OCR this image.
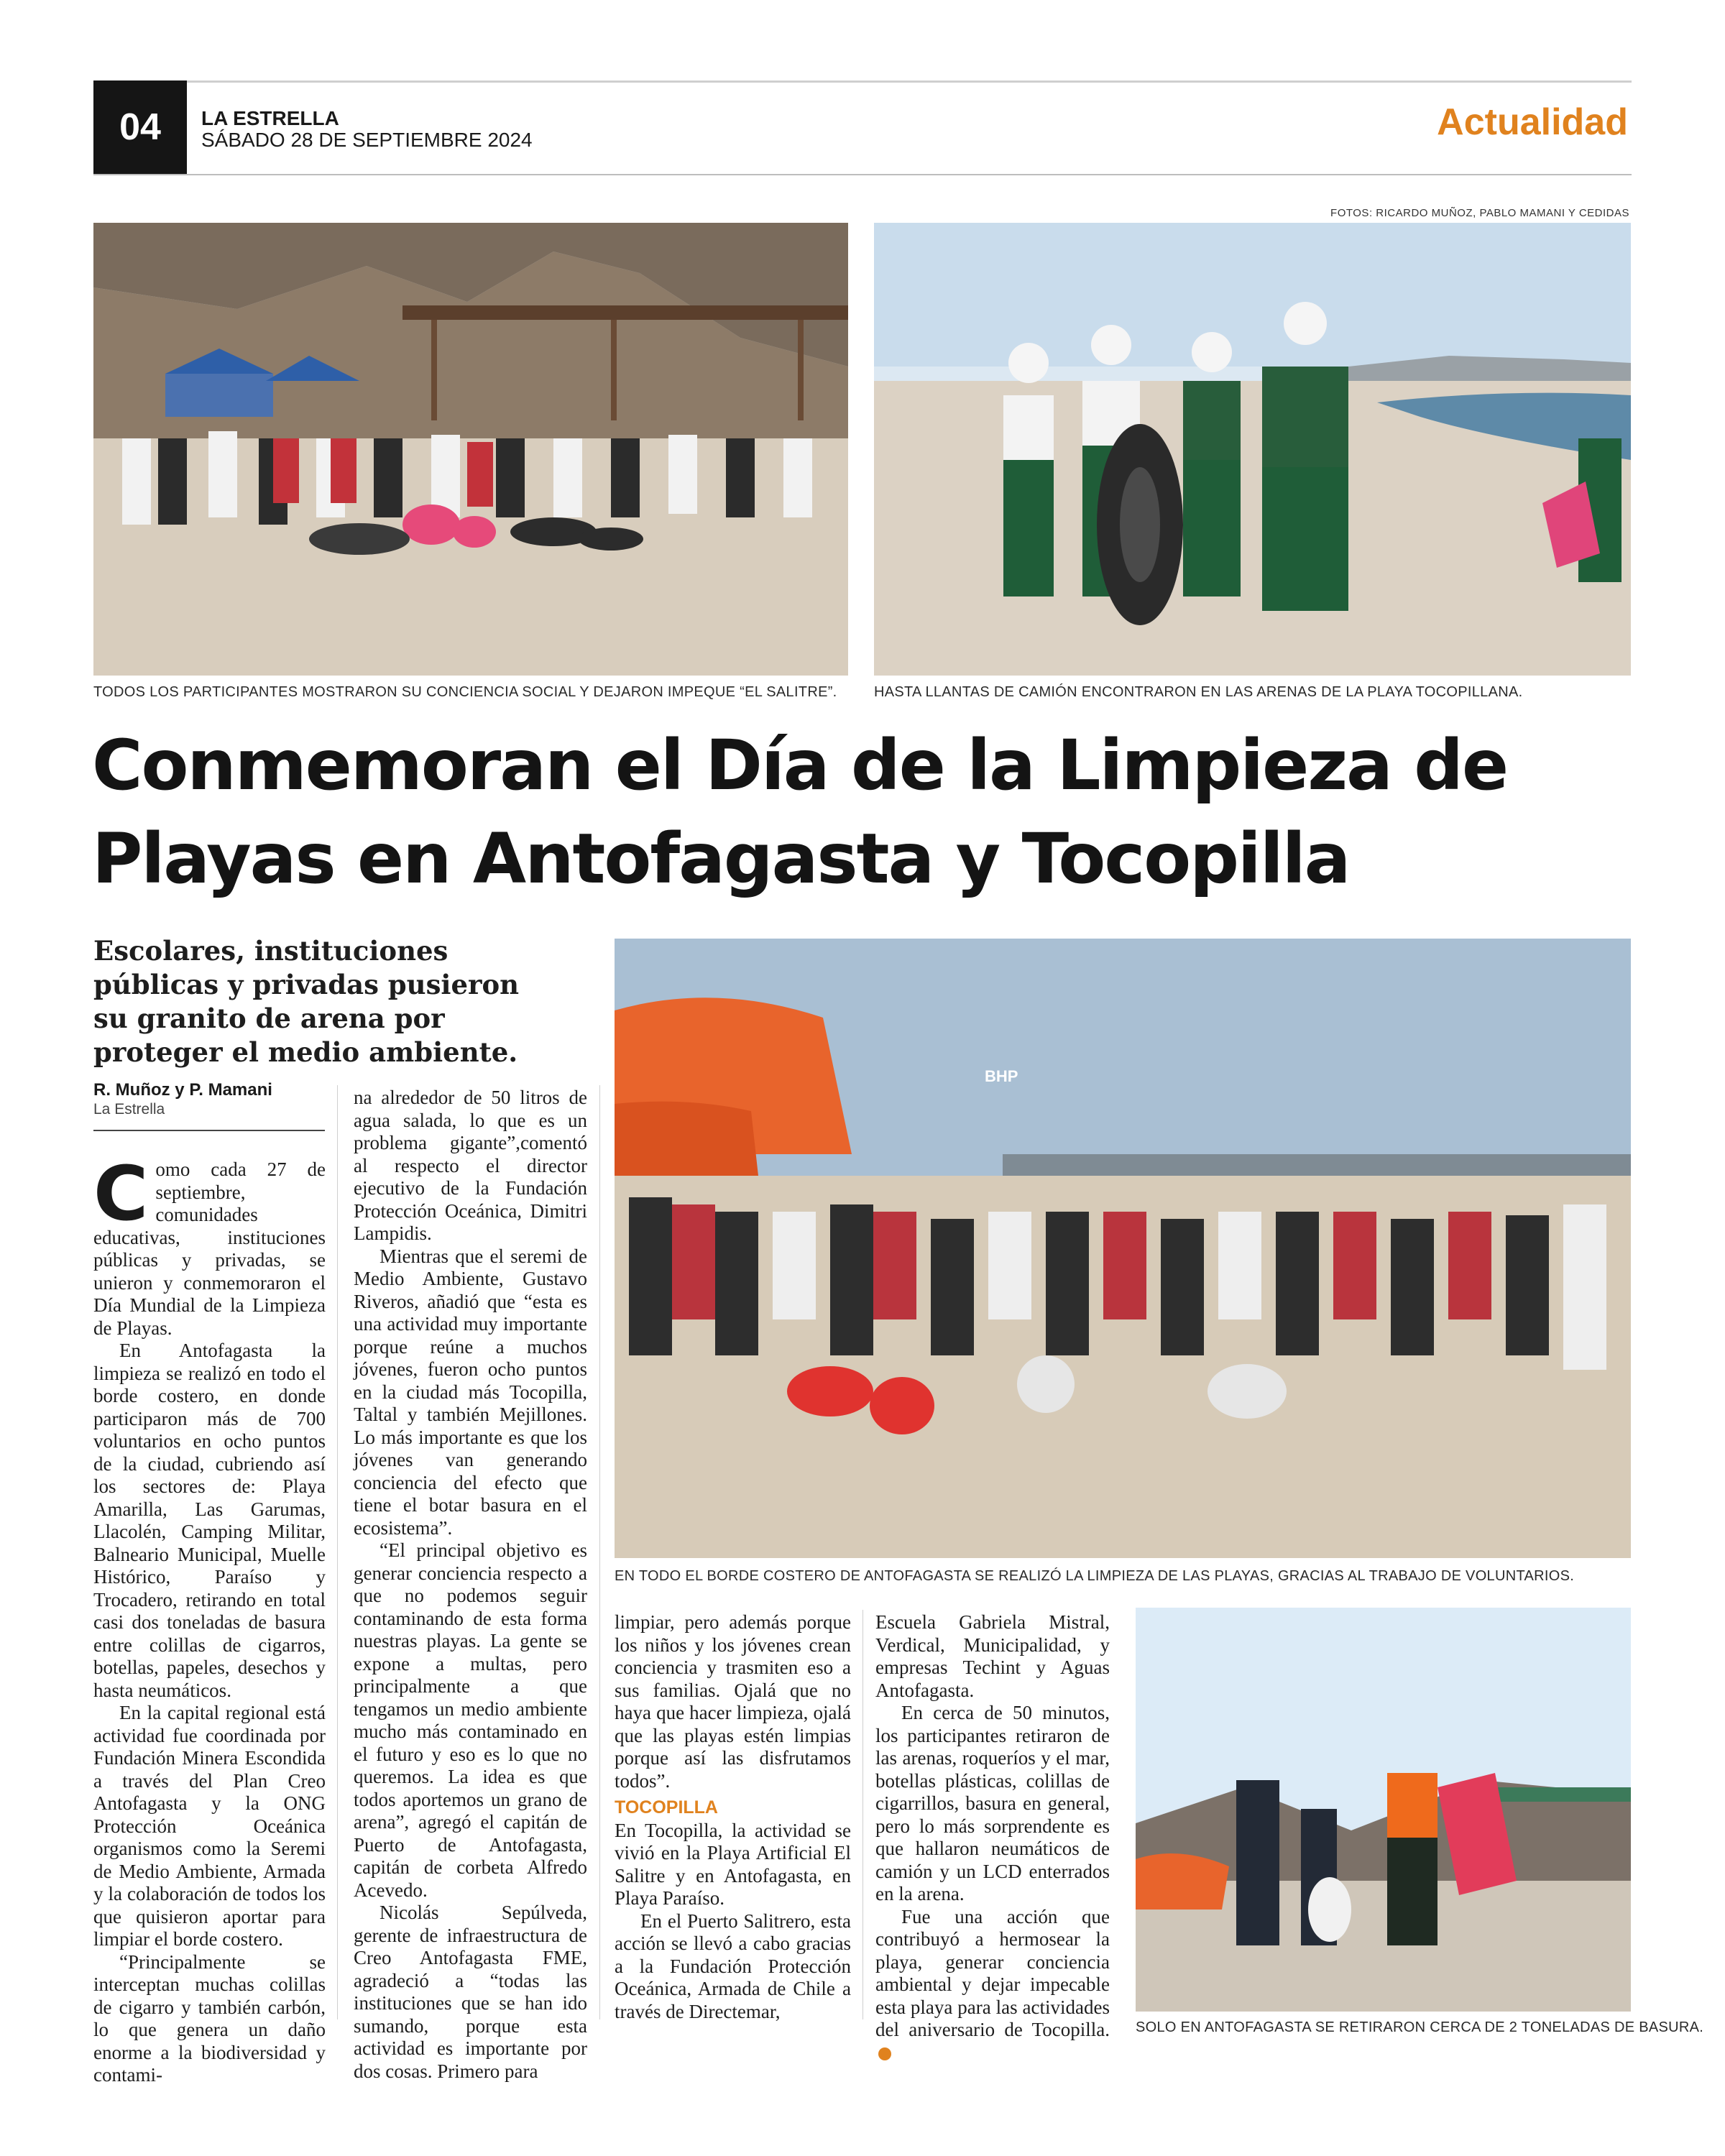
04	LA ESTRELLA
SÁBADO 28 DE SEPTIEMBRE 2024	Actualidad
FOTOS: RICARDO MUÑOZ, PABLO MAMANI Y CEDIDAS
TODOS LOS PARTICIPANTES MOSTRARON SU CONCIENCIA SOCIAL Y DEJARON IMPEQUE “EL SALITRE”.	HASTA LLANTAS DE CAMIÓN ENCONTRARON EN LAS ARENAS DE LA PLAYA TOCOPILLANA.
Conmemoran el Día de la Limpieza de
Playas en Antofagasta y Tocopilla
Escolares, instituciones públicas y privadas pusieron su granito de arena por proteger el medio ambiente.
R. Muñoz y P. Mamani
La Estrella
BHP
EN TODO EL BORDE COSTERO DE ANTOFAGASTA SE REALIZÓ LA LIMPIEZA DE LAS PLAYAS, GRACIAS AL TRABAJO DE VOLUNTARIOS.
SOLO EN ANTOFAGASTA SE RETIRARON CERCA DE 2 TONELADAS DE BASURA.

Como cada 27 de septiembre, comunidades educativas, instituciones públicas y privadas, se unieron y conmemoraron el Día Mundial de la Limpieza de Playas.

En Antofagasta la limpieza se realizó en todo el borde costero, en donde participaron más de 700 voluntarios en ocho puntos de la ciudad, cubriendo así los sectores de: Playa Amarilla, Las Garumas, Llacolén, Camping Militar, Balneario Municipal, Muelle Histórico, Paraíso y Trocadero, retirando en total casi dos toneladas de basura entre colillas de cigarros, botellas, papeles, desechos y hasta neumáticos.

En la capital regional está actividad fue coordinada por Fundación Minera Escondida a través del Plan Creo Antofagasta y la ONG Protección Oceánica organismos como la Seremi de Medio Ambiente, Armada y la colaboración de todos los que quisieron aportar para limpiar el borde costero.

“Principalmente se interceptan muchas colillas de cigarro y también carbón, lo que genera un daño enorme a la biodiversidad y contami-

na alrededor de 50 litros de agua salada, lo que es un problema gigante”,comentó al respecto el director ejecutivo de la Fundación Protección Oceánica, Dimitri Lampidis.

Mientras que el seremi de Medio Ambiente, Gustavo Riveros, añadió que “esta es una actividad muy importante porque reúne a muchos jóvenes, fueron ocho puntos en la ciudad más Tocopilla, Taltal y también Mejillones. Lo más importante es que los jóvenes van generando conciencia del efecto que tiene el botar basura en el ecosistema”.

“El principal objetivo es generar conciencia respecto a que no podemos seguir contaminando de esta forma nuestras playas. La gente se expone a multas, pero principalmente a que tengamos un medio ambiente mucho más contaminado en el futuro y eso es lo que no queremos. La idea es que todos aportemos un grano de arena”, agregó el capitán de Puerto de Antofagasta, capitán de corbeta Alfredo Acevedo.

Nicolás Sepúlveda, gerente de infraestructura de Creo Antofagasta FME, agradeció a “todas las instituciones que se han ido sumando, porque esta actividad es importante por dos cosas. Primero para

limpiar, pero además porque los niños y los jóvenes crean conciencia y trasmiten eso a sus familias. Ojalá que no haya que hacer limpieza, ojalá que las playas estén limpias porque así las disfrutamos todos”.

TOCOPILLA

En Tocopilla, la actividad se vivió en la Playa Artificial El Salitre y en Antofagasta, en Playa Paraíso.

En el Puerto Salitrero, esta acción se llevó a cabo gracias a la Fundación Protección Oceánica, Armada de Chile a través de Directemar,

Escuela Gabriela Mistral, Verdical, Municipalidad, y empresas Techint y Aguas Antofagasta.

En cerca de 50 minutos, los participantes retiraron de las arenas, roqueríos y el mar, botellas plásticas, colillas de cigarrillos, basura en general, pero lo más sorprendente es que hallaron neumáticos de camión y un LCD enterrados en la arena.

Fue una acción que contribuyó a hermosear la playa, generar conciencia ambiental y dejar impecable esta playa para las actividades del aniversario de Tocopilla.
